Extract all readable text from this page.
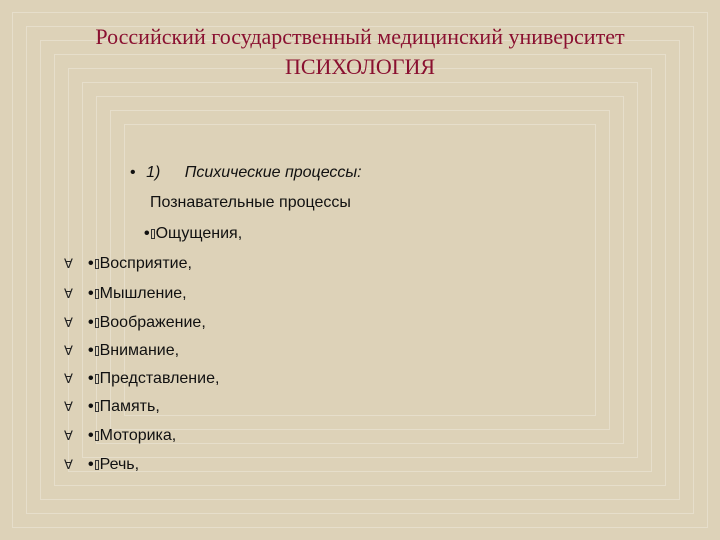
Российский государственный медицинский университет
ПСИХОЛОГИЯ
• 1) Психические процессы:
Познавательные процессы
• Ощущения,
∀ • Восприятие,
∀ • Мышление,
∀ • Воображение,
∀ • Внимание,
∀ • Представление,
∀ • Память,
∀ • Моторика,
∀ • Речь,
